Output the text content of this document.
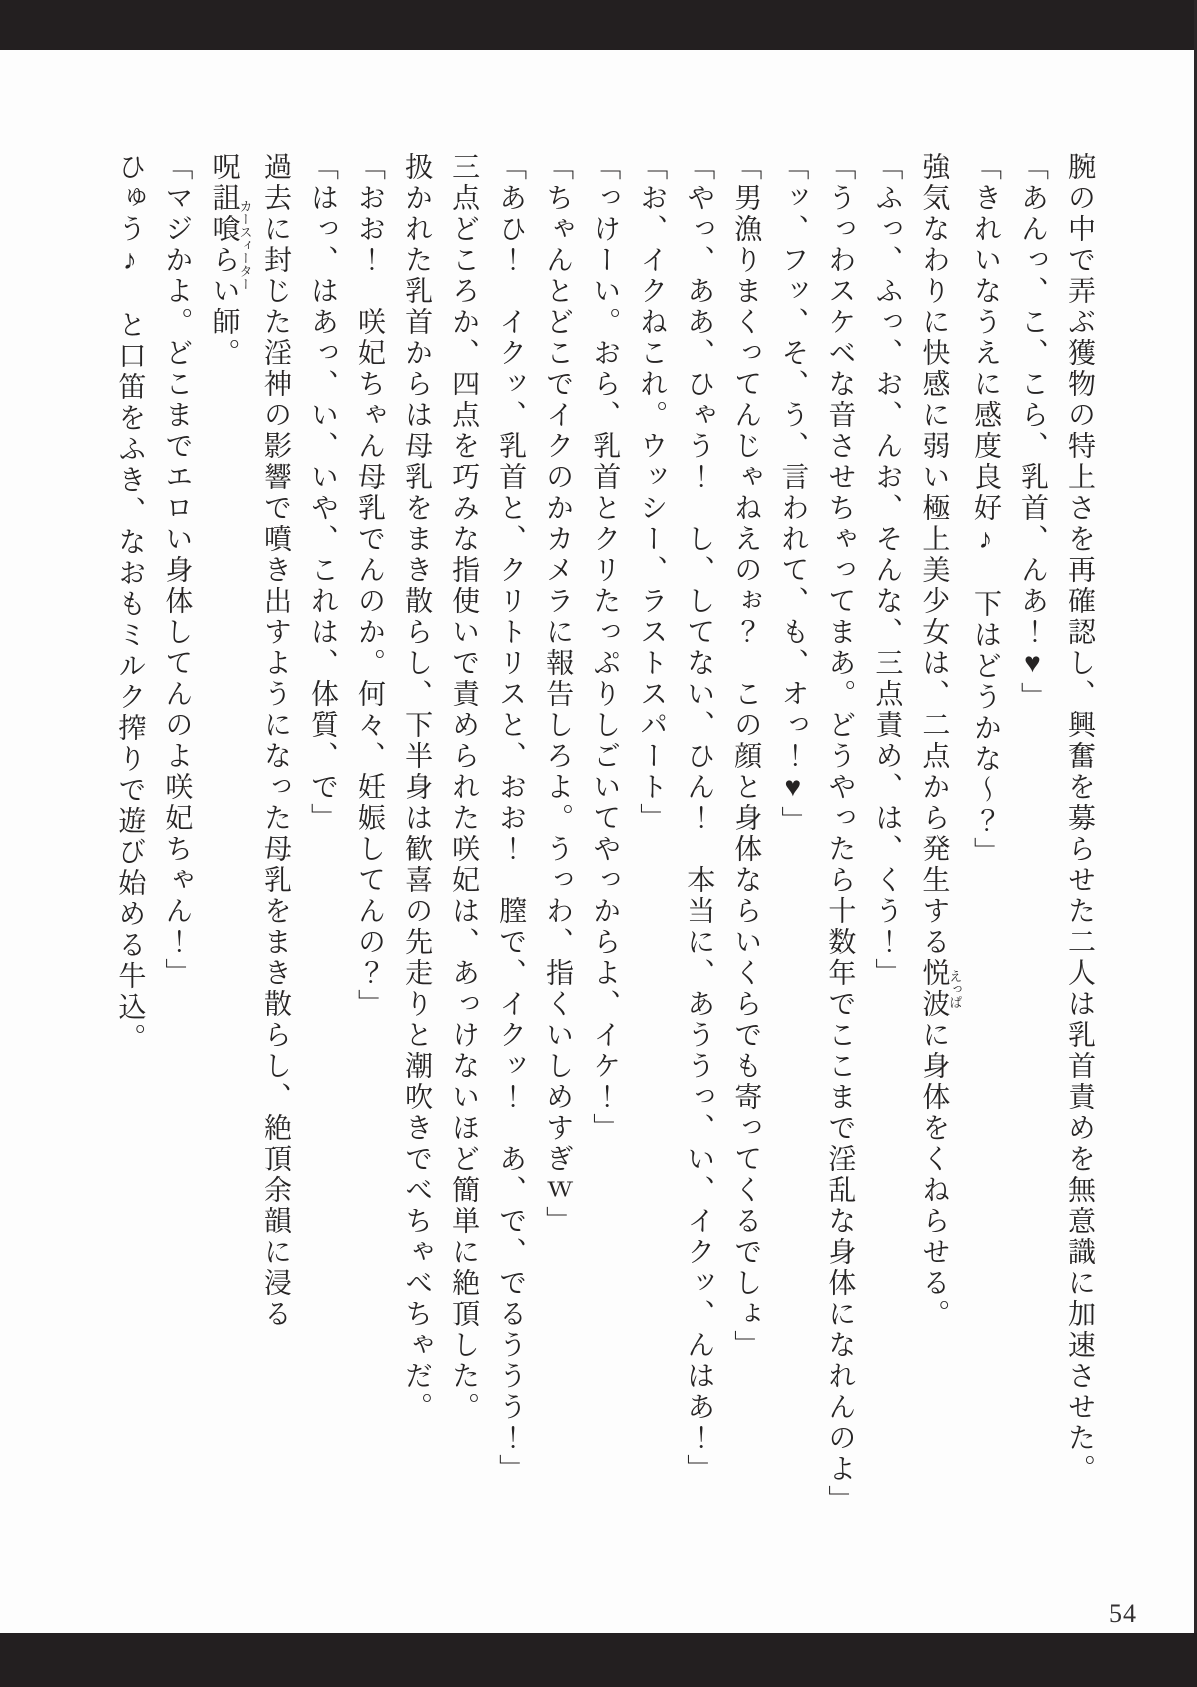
腕の中で弄ぶ獲物の特上さを再確認し、興奮を募らせた二人は乳首責めを無意識に加速させた。
「あんっ、こ、こら、乳首、んあ！♥」
「きれいなうえに感度良好♪　下はどうかな〜？」
強気なわりに快感に弱い極上美少女は、二点から発生する悦波えっぱに身体をくねらせる。
「ふっ、ふっ、お、んお、そんな、三点責め、は、くう！」
「うっわスケベな音させちゃってまあ。どうやったら十数年でここまで淫乱な身体になれんのよ」
「ッ、フッ、そ、う、言われて、も、オっ！♥」
「男漁りまくってんじゃねえのぉ？　この顔と身体ならいくらでも寄ってくるでしょ」
「やっ、ああ、ひゃう！　し、してない、ひん！　本当に、あううっ、い、イクッ、んはあ！」
「お、イクねこれ。ウッシー、ラストスパート」
「っけーい。おら、乳首とクリたっぷりしごいてやっからよ、イケ！」
「ちゃんとどこでイクのかカメラに報告しろよ。うっわ、指くいしめすぎｗ」
「あひ！　イクッ、乳首と、クリトリスと、おお！　膣で、イクッ！　あ、で、でるううう！」
三点どころか、四点を巧みな指使いで責められた咲妃は、あっけないほど簡単に絶頂した。
扱かれた乳首からは母乳をまき散らし、下半身は歓喜の先走りと潮吹きでべちゃべちゃだ。
「おお！　咲妃ちゃん母乳でんのか。何々、妊娠してんの？」
「はっ、はあっ、い、いや、これは、体質、で」
過去に封じた淫神の影響で噴き出すようになった母乳をまき散らし、絶頂余韻に浸る
呪詛喰らい師カースィーター。
「マジかよ。どこまでエロい身体してんのよ咲妃ちゃん！」
ひゅう♪　と口笛をふき、なおもミルク搾りで遊び始める牛込。
54
